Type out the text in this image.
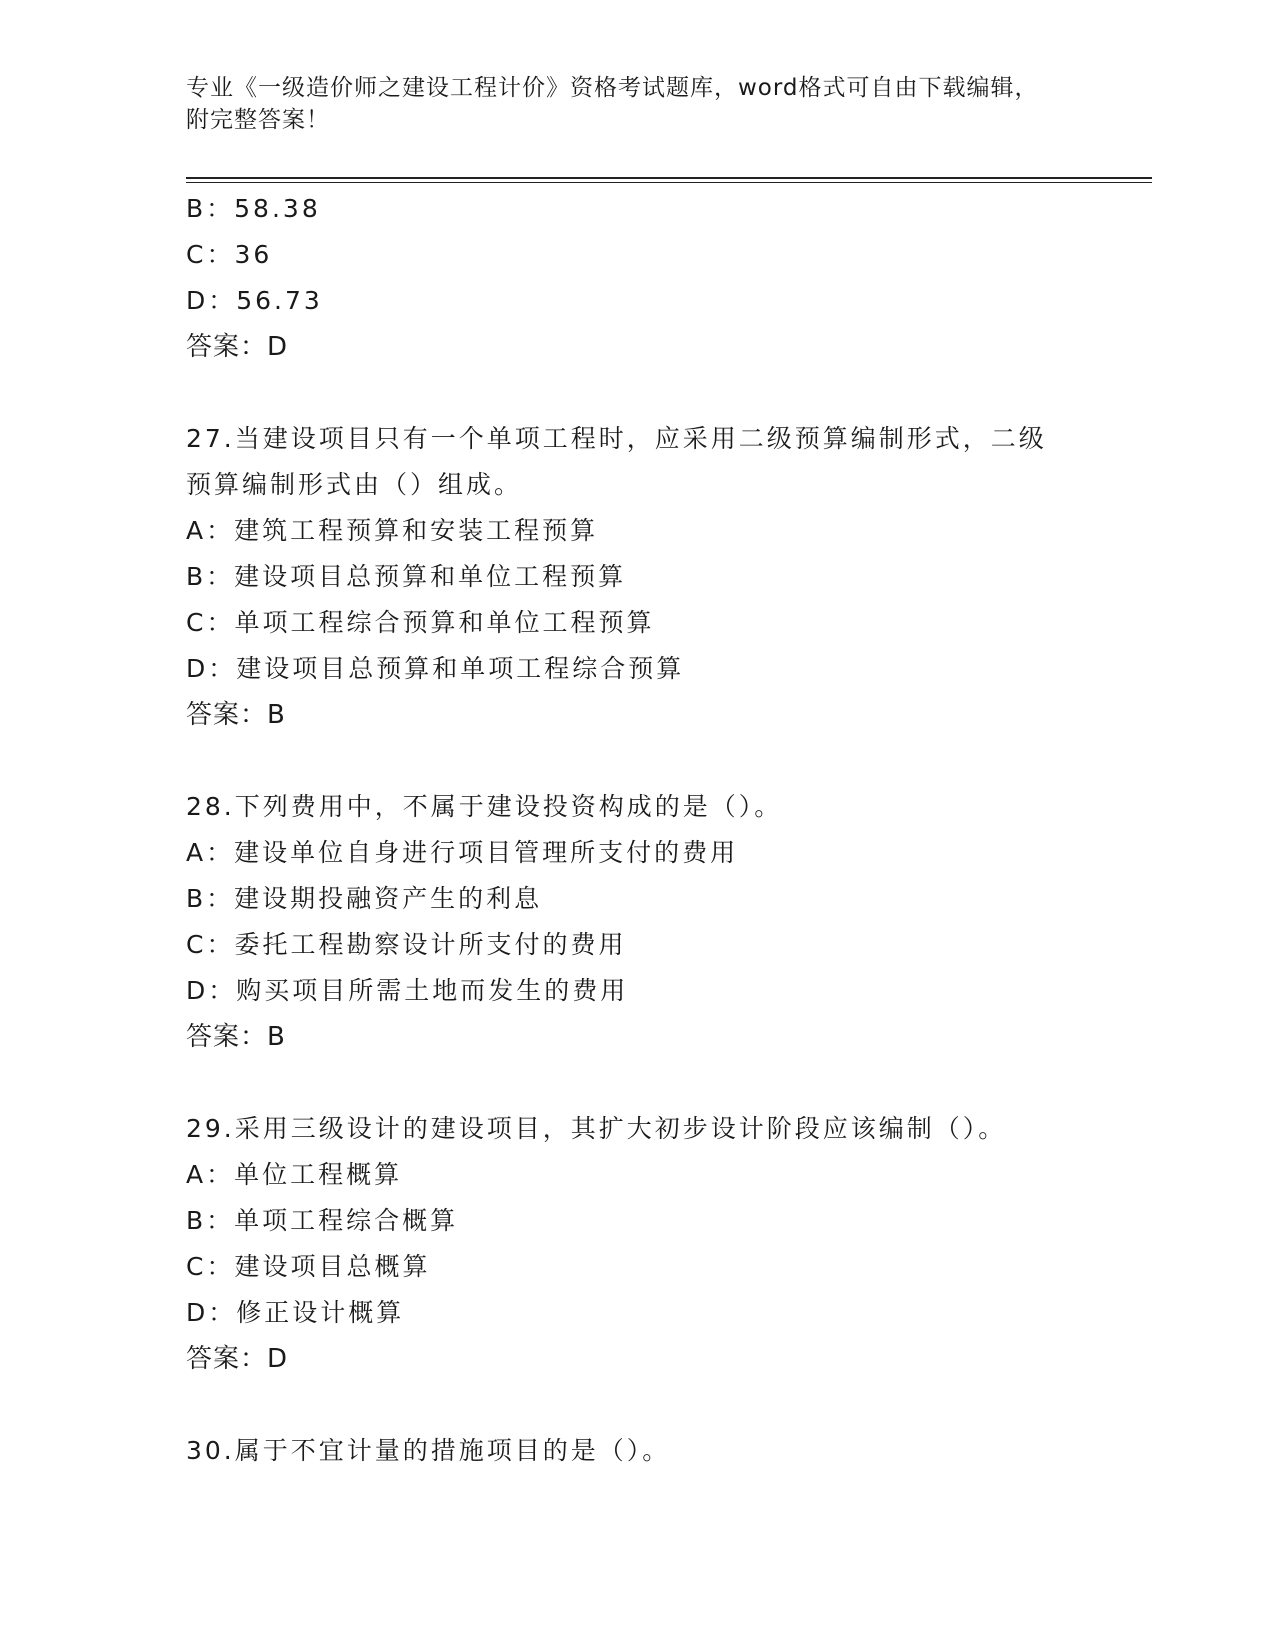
专业《一级造价师之建设工程计价》资格考试题库，word格式可自由下载编辑，
附完整答案！
B：58.38
C：36
D：56.73
答案：D
27.当建设项目只有一个单项工程时，应采用二级预算编制形式，二级
预算编制形式由（）组成。
A：建筑工程预算和安装工程预算
B：建设项目总预算和单位工程预算
C：单项工程综合预算和单位工程预算
D：建设项目总预算和单项工程综合预算
答案：B
28.下列费用中，不属于建设投资构成的是（）。
A：建设单位自身进行项目管理所支付的费用
B：建设期投融资产生的利息
C：委托工程勘察设计所支付的费用
D：购买项目所需土地而发生的费用
答案：B
29.采用三级设计的建设项目，其扩大初步设计阶段应该编制（）。
A：单位工程概算
B：单项工程综合概算
C：建设项目总概算
D：修正设计概算
答案：D
30.属于不宜计量的措施项目的是（）。
